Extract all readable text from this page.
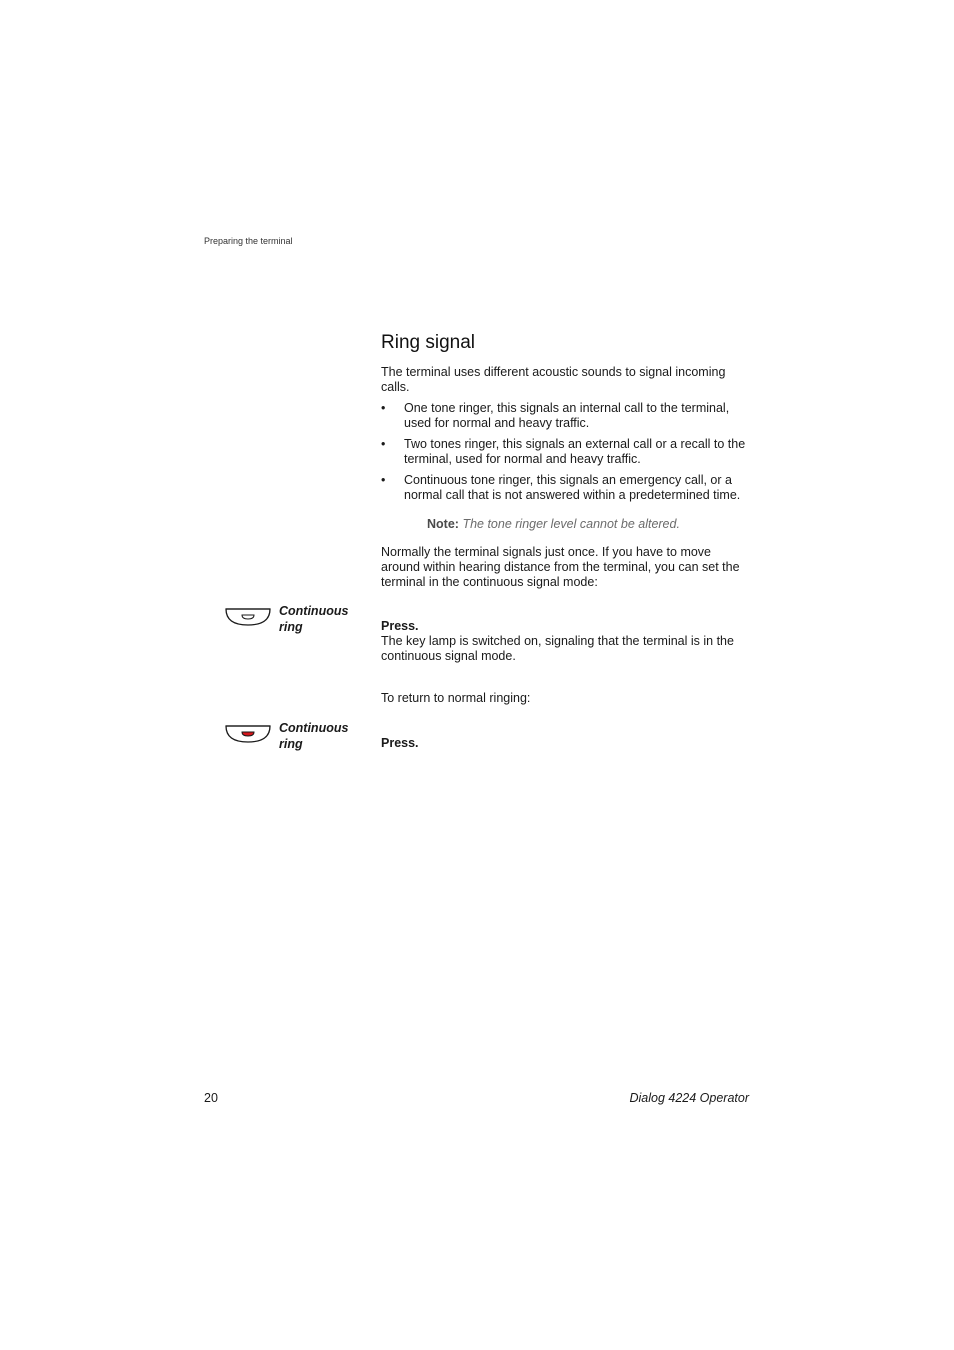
Preparing the terminal
Ring signal
The terminal uses different acoustic sounds to signal incoming calls.
• One tone ringer, this signals an internal call to the terminal, used for normal and heavy traffic.
• Two tones ringer, this signals an external call or a recall to the terminal, used for normal and heavy traffic.
• Continuous tone ringer, this signals an emergency call, or a normal call that is not answered within a predetermined time.
Note: The tone ringer level cannot be altered.
Normally the terminal signals just once. If you have to move around within hearing distance from the terminal, you can set the terminal in the continuous signal mode:
Continuous ring	Press.
The key lamp is switched on, signaling that the terminal is in the continuous signal mode.
To return to normal ringing:
Continuous ring	Press.
20	Dialog 4224 Operator
